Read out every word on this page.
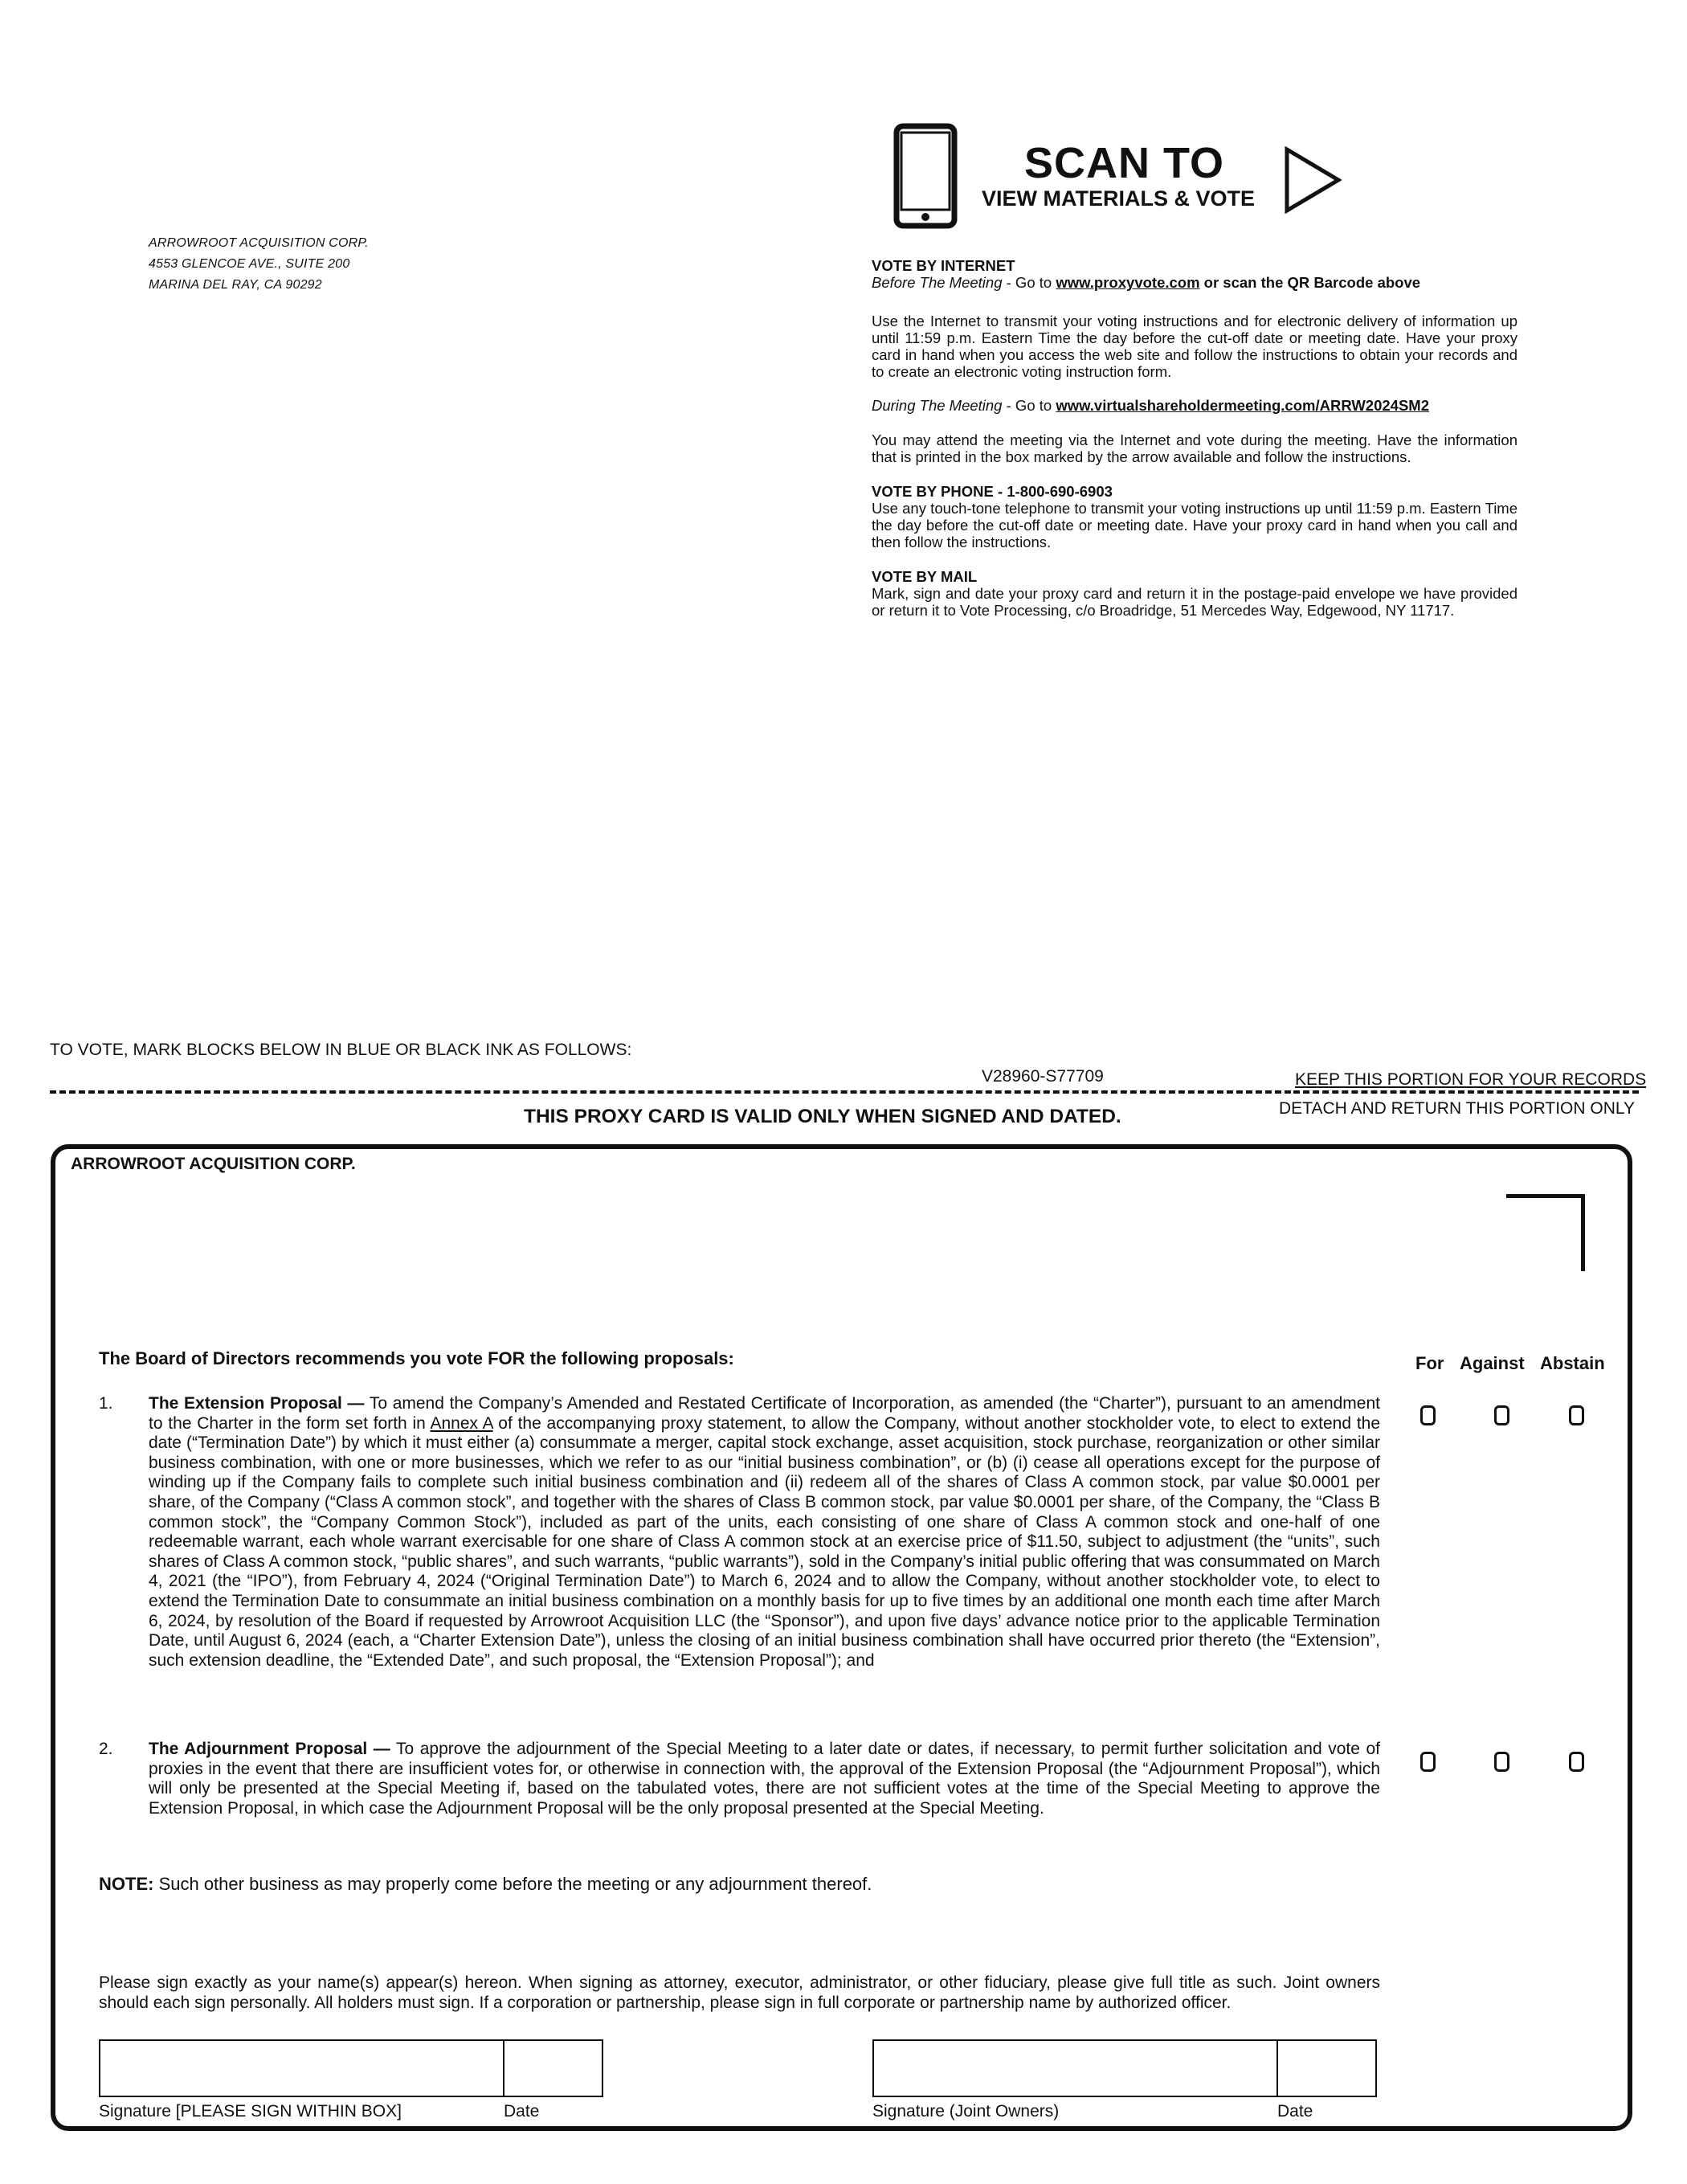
ARROWROOT ACQUISITION CORP.
4553 GLENCOE AVE., SUITE 200
MARINA DEL RAY, CA 90292
SCAN TO
VIEW MATERIALS & VOTE
VOTE BY INTERNET

Before The Meeting - Go to www.proxyvote.com or scan the QR Barcode above

Use the Internet to transmit your voting instructions and for electronic delivery of information up until 11:59 p.m. Eastern Time the day before the cut-off date or meeting date. Have your proxy card in hand when you access the web site and follow the instructions to obtain your records and to create an electronic voting instruction form.

During The Meeting - Go to www.virtualshareholdermeeting.com/ARRW2024SM2

You may attend the meeting via the Internet and vote during the meeting. Have the information that is printed in the box marked by the arrow available and follow the instructions.

VOTE BY PHONE - 1-800-690-6903

Use any touch-tone telephone to transmit your voting instructions up until 11:59 p.m. Eastern Time the day before the cut-off date or meeting date. Have your proxy card in hand when you call and then follow the instructions.

VOTE BY MAIL

Mark, sign and date your proxy card and return it in the postage-paid envelope we have provided or return it to Vote Processing, c/o Broadridge, 51 Mercedes Way, Edgewood, NY 11717.

TO VOTE, MARK BLOCKS BELOW IN BLUE OR BLACK INK AS FOLLOWS:
V28960-S77709	KEEP THIS PORTION FOR YOUR RECORDS
DETACH AND RETURN THIS PORTION ONLY
THIS PROXY CARD IS VALID ONLY WHEN SIGNED AND DATED.
ARROWROOT ACQUISITION CORP.
The Board of Directors recommends you vote FOR the following proposals:	For Against Abstain
1. The Extension Proposal — To amend the Company’s Amended and Restated Certificate of Incorporation, as amended (the “Charter”), pursuant to an amendment to the Charter in the form set forth in Annex A of the accompanying proxy statement, to allow the Company, without another stockholder vote, to elect to extend the date (“Termination Date”) by which it must either (a) consummate a merger, capital stock exchange, asset acquisition, stock purchase, reorganization or other similar business combination, with one or more businesses, which we refer to as our “initial business combination”, or (b) (i) cease all operations except for the purpose of winding up if the Company fails to complete such initial business combination and (ii) redeem all of the shares of Class A common stock, par value $0.0001 per share, of the Company (“Class A common stock”, and together with the shares of Class B common stock, par value $0.0001 per share, of the Company, the “Class B common stock”, the “Company Common Stock”), included as part of the units, each consisting of one share of Class A common stock and one-half of one redeemable warrant, each whole warrant exercisable for one share of Class A common stock at an exercise price of $11.50, subject to adjustment (the “units”, such shares of Class A common stock, “public shares”, and such warrants, “public warrants”), sold in the Company’s initial public offering that was consummated on March 4, 2021 (the “IPO”), from February 4, 2024 (“Original Termination Date”) to March 6, 2024 and to allow the Company, without another stockholder vote, to elect to extend the Termination Date to consummate an initial business combination on a monthly basis for up to five times by an additional one month each time after March 6, 2024, by resolution of the Board if requested by Arrowroot Acquisition LLC (the “Sponsor”), and upon five days’ advance notice prior to the applicable Termination Date, until August 6, 2024 (each, a “Charter Extension Date”), unless the closing of an initial business combination shall have occurred prior thereto (the “Extension”, such extension deadline, the “Extended Date”, and such proposal, the “Extension Proposal”); and
2. The Adjournment Proposal — To approve the adjournment of the Special Meeting to a later date or dates, if necessary, to permit further solicitation and vote of proxies in the event that there are insufficient votes for, or otherwise in connection with, the approval of the Extension Proposal (the “Adjournment Proposal”), which will only be presented at the Special Meeting if, based on the tabulated votes, there are not sufficient votes at the time of the Special Meeting to approve the Extension Proposal, in which case the Adjournment Proposal will be the only proposal presented at the Special Meeting.
NOTE: Such other business as may properly come before the meeting or any adjournment thereof.
Please sign exactly as your name(s) appear(s) hereon. When signing as attorney, executor, administrator, or other fiduciary, please give full title as such. Joint owners should each sign personally. All holders must sign. If a corporation or partnership, please sign in full corporate or partnership name by authorized officer.
Signature [PLEASE SIGN WITHIN BOX]	Date	Signature (Joint Owners)	Date
